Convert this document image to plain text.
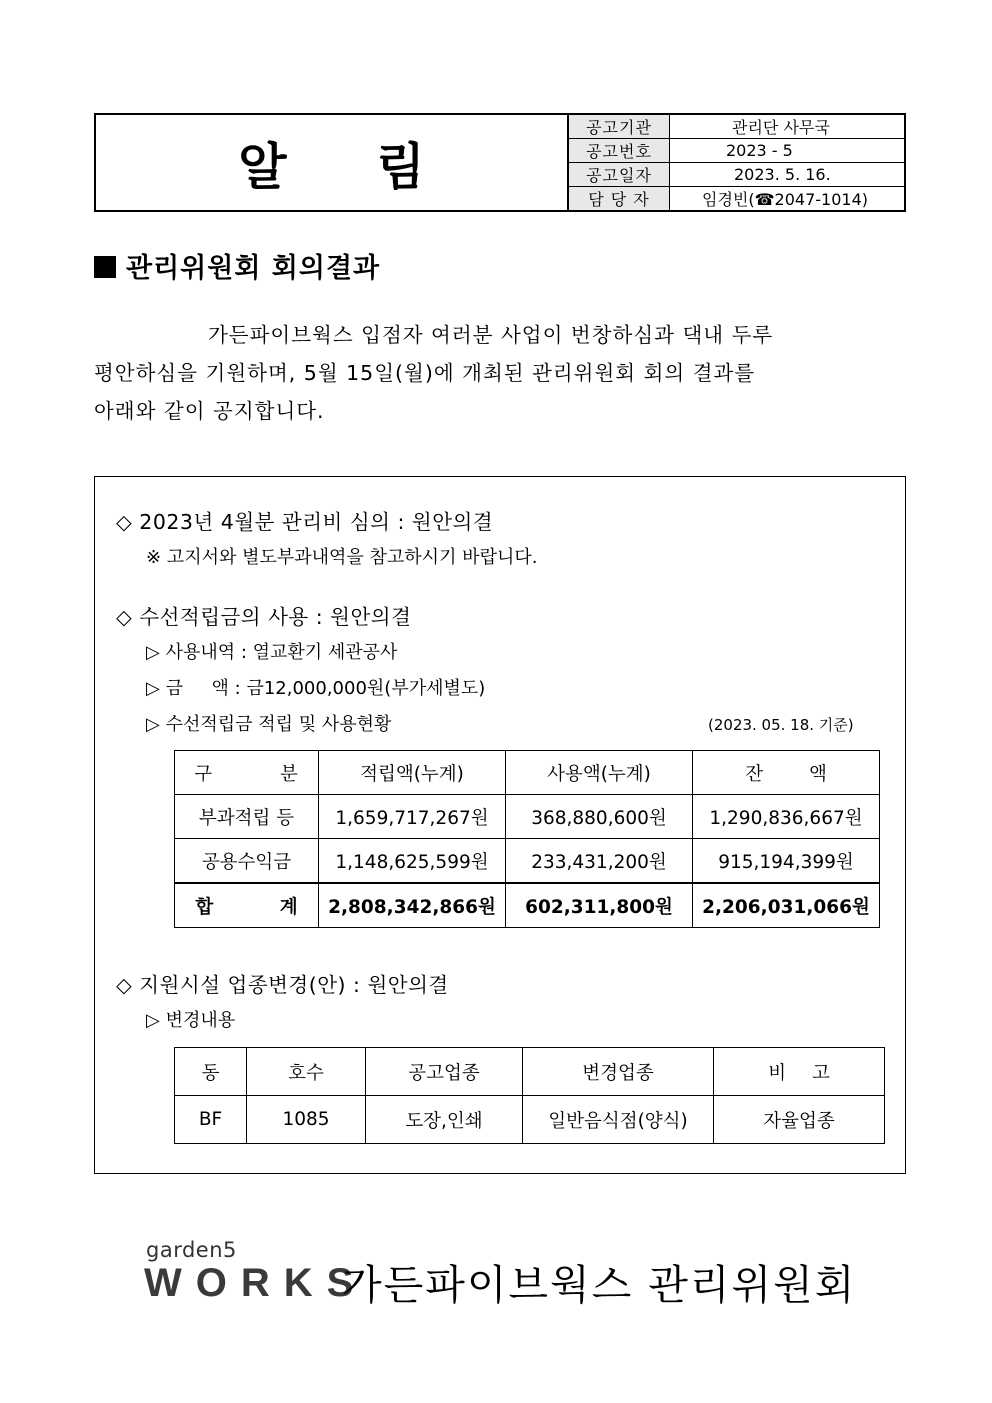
알림
공고기관	관리단 사무국
공고번호	2023 - 5
공고일자	2023. 5. 16.
담 당 자	임경빈(☎2047-1014)
관리위원회 회의결과
가든파이브웍스 입점자 여러분 사업이 번창하심과 댁내 두루
평안하심을 기원하며, 5월 15일(월)에 개최된 관리위원회 회의 결과를
아래와 같이 공지합니다.
◇ 2023년 4월분 관리비 심의 : 원안의결
※ 고지서와 별도부과내역을 참고하시기 바랍니다.
◇ 수선적립금의 사용 : 원안의결
▷ 사용내역 : 열교환기 세관공사
▷ 금     액 : 금12,000,000원(부가세별도)
▷ 수선적립금 적립 및 사용현황	(2023. 05. 18. 기준)
구 분	적립액(누계)	사용액(누계)	잔 액
부과적립 등	1,659,717,267원	368,880,600원	1,290,836,667원
공용수익금	1,148,625,599원	233,431,200원	915,194,399원
합 계	2,808,342,866원	602,311,800원	2,206,031,066원
◇ 지원시설 업종변경(안) : 원안의결
▷ 변경내용
동	호수	공고업종	변경업종	비 고
BF	1085	도장,인쇄	일반음식점(양식)	자율업종
garden5
WORKS
가든파이브웍스 관리위원회
